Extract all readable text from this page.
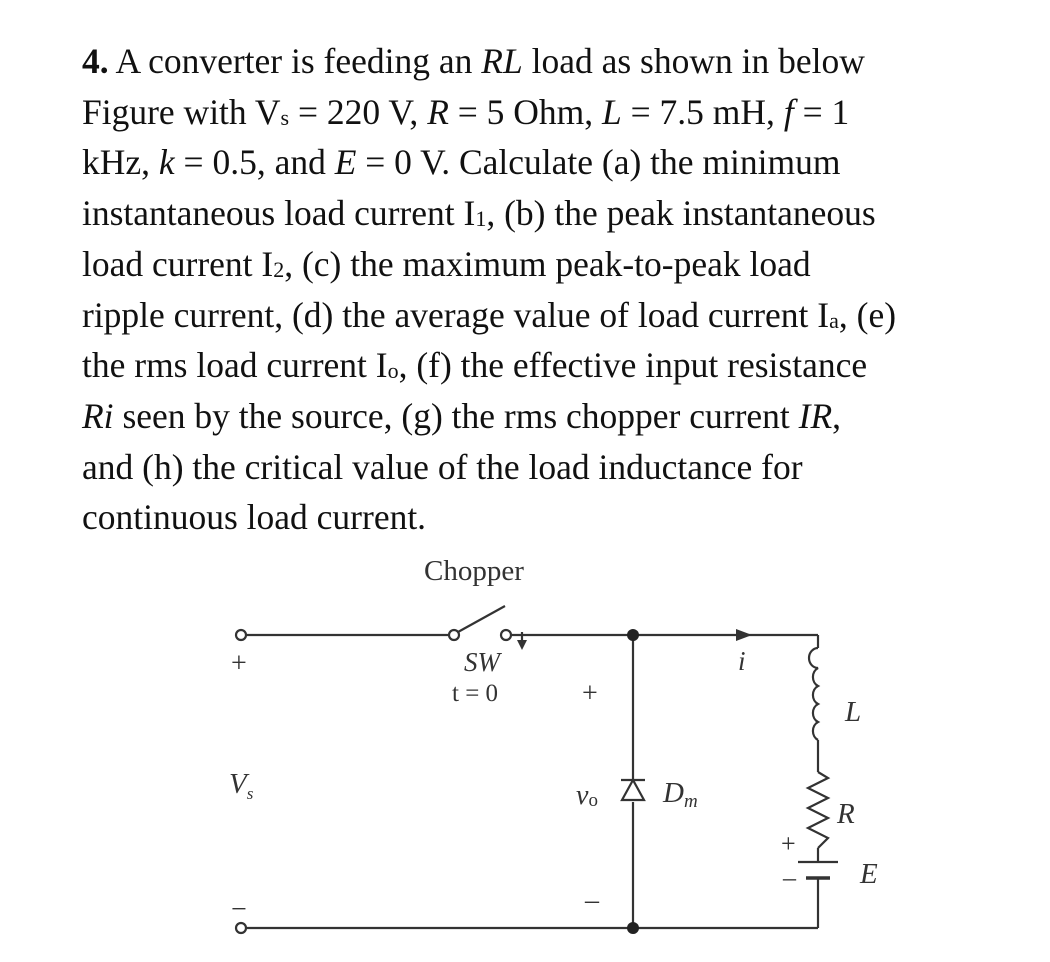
4. A converter is feeding an RL load as shown in below
Figure with $V_s = 220$ V, R = 5 Ohm, L = 7.5 mH, f = 1
kHz, k = 0.5, and E = 0 V. Calculate (a) the minimum
instantaneous load current $I_1$, (b) the peak instantaneous
load current $I_2$, (c) the maximum peak-to-peak load
ripple current, (d) the average value of load current $I_a$, (e)
the rms load current $I_o$, (f) the effective input resistance
Ri seen by the source, (g) the rms chopper current IR,
and (h) the critical value of the load inductance for
continuous load current.
Chopper
SW
t = 0
+
−
$V_s$
+
vo
–
Dm
i
L
R
+
– E
